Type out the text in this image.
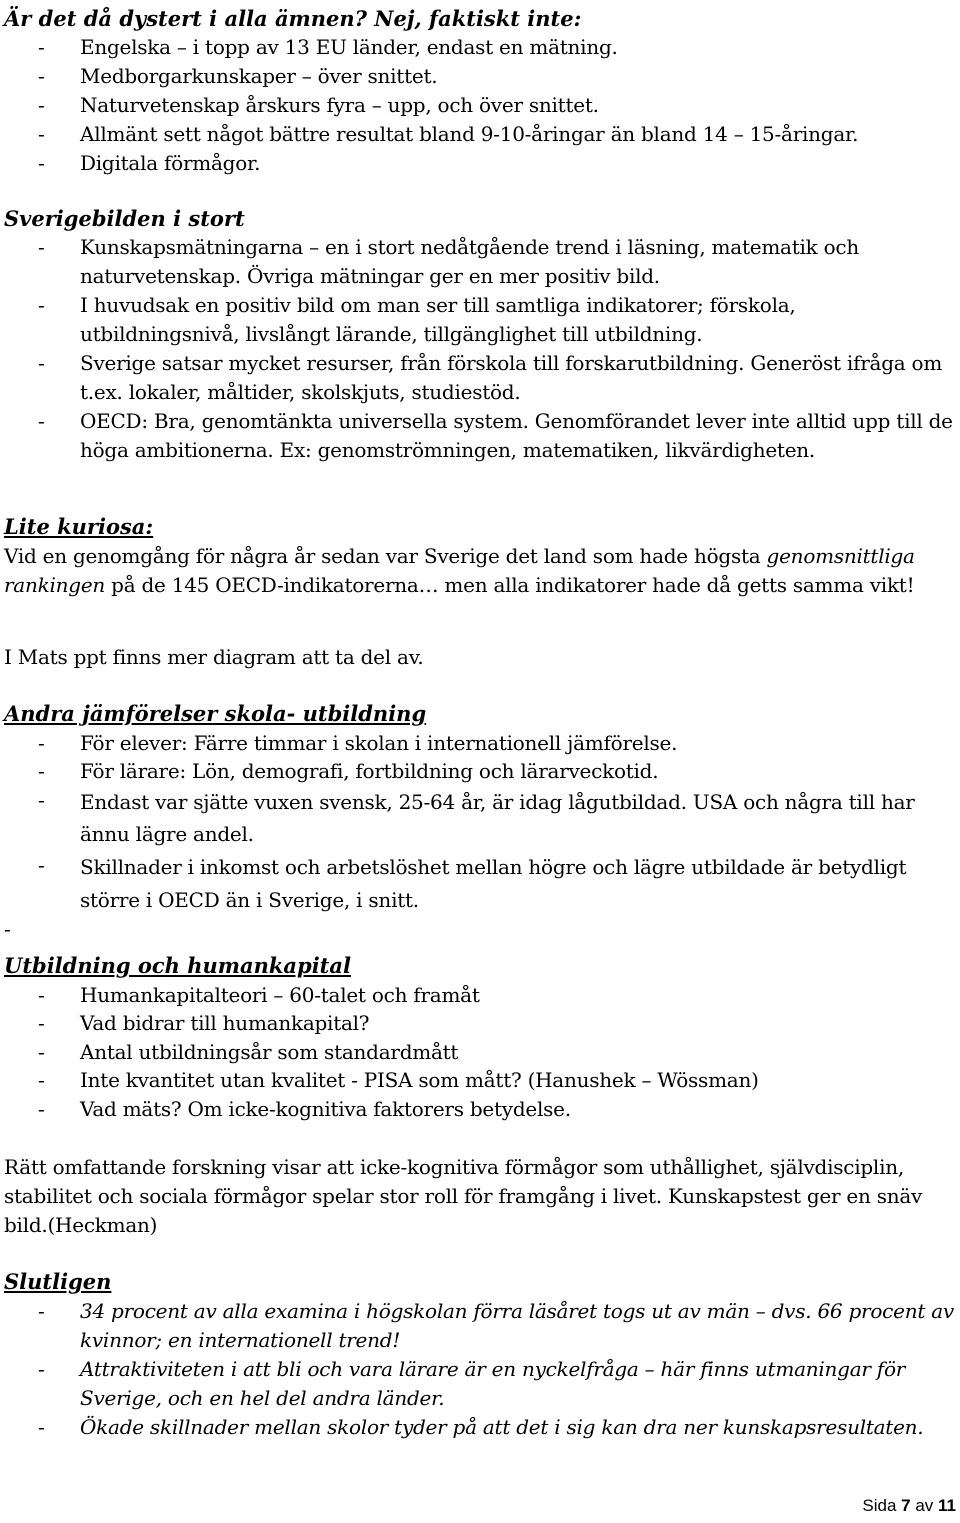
Är det då dystert i alla ämnen? Nej, faktiskt inte:
- Engelska – i topp av 13 EU länder, endast en mätning.
- Medborgarkunskaper – över snittet.
- Naturvetenskap årskurs fyra – upp, och över snittet.
- Allmänt sett något bättre resultat bland 9-10-åringar än bland 14 – 15-åringar.
- Digitala förmågor.
Sverigebilden i stort
- Kunskapsmätningarna – en i stort nedåtgående trend i läsning, matematik och naturvetenskap. Övriga mätningar ger en mer positiv bild.
- I huvudsak en positiv bild om man ser till samtliga indikatorer; förskola, utbildningsnivå, livslångt lärande, tillgänglighet till utbildning.
- Sverige satsar mycket resurser, från förskola till forskarutbildning. Generöst ifråga om t.ex. lokaler, måltider, skolskjuts, studiestöd.
- OECD: Bra, genomtänkta universella system. Genomförandet lever inte alltid upp till de höga ambitionerna. Ex: genomströmningen, matematiken, likvärdigheten.
Lite kuriosa:
Vid en genomgång för några år sedan var Sverige det land som hade högsta genomsnittliga rankingen på de 145 OECD-indikatorerna… men alla indikatorer hade då getts samma vikt!
I Mats ppt finns mer diagram att ta del av.
Andra jämförelser skola- utbildning
- För elever: Färre timmar i skolan i internationell jämförelse.
- För lärare: Lön, demografi, fortbildning och lärarveckotid.
- Endast var sjätte vuxen svensk, 25-64 år, är idag lågutbildad. USA och några till har ännu lägre andel.
- Skillnader i inkomst och arbetslöshet mellan högre och lägre utbildade är betydligt större i OECD än i Sverige, i snitt.
-
Utbildning och humankapital
- Humankapitalteori – 60-talet och framåt
- Vad bidrar till humankapital?
- Antal utbildningsår som standardmått
- Inte kvantitet utan kvalitet - PISA som mått? (Hanushek – Wössman)
- Vad mäts? Om icke-kognitiva faktorers betydelse.
Rätt omfattande forskning visar att icke-kognitiva förmågor som uthållighet, självdisciplin, stabilitet och sociala förmågor spelar stor roll för framgång i livet. Kunskapstest ger en snäv bild.(Heckman)
Slutligen
- 34 procent av alla examina i högskolan förra läsåret togs ut av män – dvs. 66 procent av kvinnor; en internationell trend!
- Attraktiviteten i att bli och vara lärare är en nyckelfråga – här finns utmaningar för Sverige, och en hel del andra länder.
- Ökade skillnader mellan skolor tyder på att det i sig kan dra ner kunskapsresultaten.
Sida 7 av 11
